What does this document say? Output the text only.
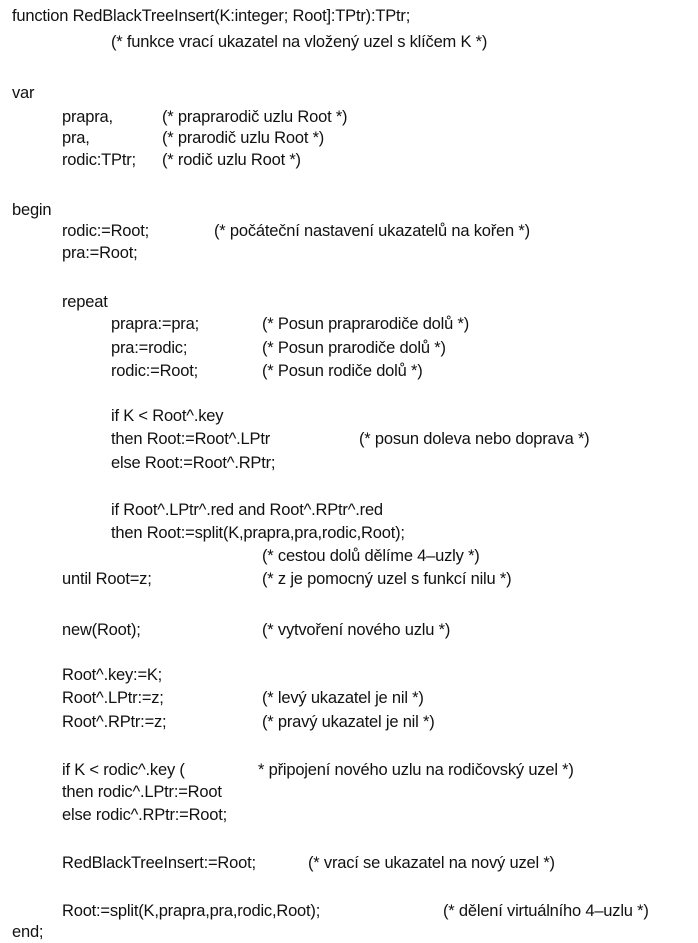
function RedBlackTreeInsert(K:integer; Root]:TPtr):TPtr;
(* funkce vrací ukazatel na vložený uzel s klíčem K *)
var
prapra,	(* praprarodič uzlu Root *)
pra,	(* prarodič uzlu Root *)
rodic:TPtr; (* rodič uzlu Root *)
begin
rodic:=Root;	(* počáteční nastavení ukazatelů na kořen *)
pra:=Root;
repeat
prapra:=pra;	(* Posun praprarodiče dolů *)
pra:=rodic;	(* Posun prarodiče dolů *)
rodic:=Root;	(* Posun rodiče dolů *)
if K < Root^.key
then Root:=Root^.LPtr	(* posun doleva nebo doprava *)
else Root:=Root^.RPtr;
if Root^.LPtr^.red and Root^.RPtr^.red
then Root:=split(K,prapra,pra,rodic,Root);
(* cestou dolů dělíme 4–uzly *)
until Root=z;	(* z je pomocný uzel s funkcí nilu *)
new(Root);	(* vytvoření nového uzlu *)
Root^.key:=K;
Root^.LPtr:=z;	(* levý ukazatel je nil *)
Root^.RPtr:=z;	(* pravý ukazatel je nil *)
if K < rodic^.key (	* připojení nového uzlu na rodičovský uzel *)
then rodic^.LPtr:=Root
else rodic^.RPtr:=Root;
RedBlackTreeInsert:=Root;	(* vrací se ukazatel na nový uzel *)
Root:=split(K,prapra,pra,rodic,Root);	(* dělení virtuálního 4–uzlu *)
end;
